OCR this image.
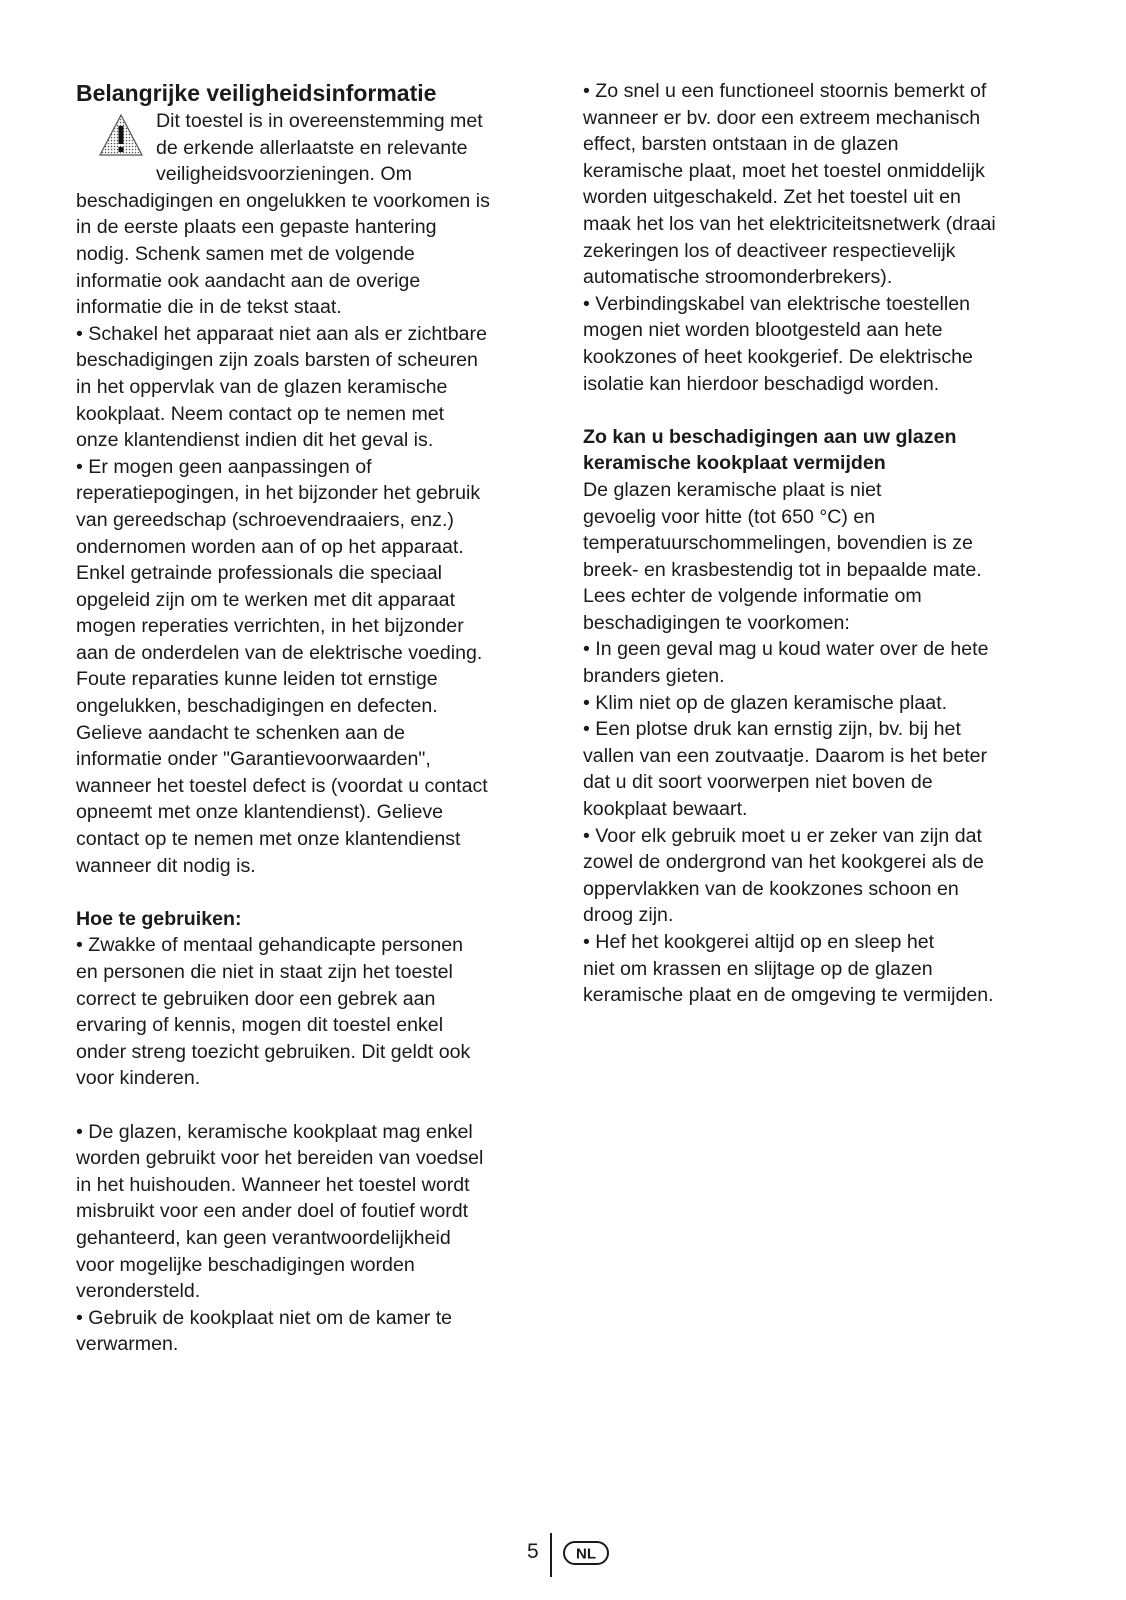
Belangrijke veiligheidsinformatie
Dit toestel is in overeenstemming met
de erkende allerlaatste en relevante
veiligheidsvoorzieningen. Om
beschadigingen en ongelukken te voorkomen is
in de eerste plaats een gepaste hantering
nodig. Schenk samen met de volgende
informatie ook aandacht aan de overige
informatie die in de tekst staat.
• Schakel het apparaat niet aan als er zichtbare
beschadigingen zijn zoals barsten of scheuren
in het oppervlak van de glazen keramische
kookplaat. Neem contact op te nemen met
onze klantendienst indien dit het geval is.
• Er mogen geen aanpassingen of
reperatiepogingen, in het bijzonder het gebruik
van gereedschap (schroevendraaiers, enz.)
ondernomen worden aan of op het apparaat.
Enkel getrainde professionals die speciaal
opgeleid zijn om te werken met dit apparaat
mogen reperaties verrichten, in het bijzonder
aan de onderdelen van de elektrische voeding.
Foute reparaties kunne leiden tot ernstige
ongelukken, beschadigingen en defecten.
Gelieve aandacht te schenken aan de
informatie onder "Garantievoorwaarden",
wanneer het toestel defect is (voordat u contact
opneemt met onze klantendienst). Gelieve
contact op te nemen met onze klantendienst
wanneer dit nodig is.
Hoe te gebruiken:
• Zwakke of mentaal gehandicapte personen
en personen die niet in staat zijn het toestel
correct te gebruiken door een gebrek aan
ervaring of kennis, mogen dit toestel enkel
onder streng toezicht gebruiken. Dit geldt ook
voor kinderen.
• De glazen, keramische kookplaat mag enkel
worden gebruikt voor het bereiden van voedsel
in het huishouden. Wanneer het toestel wordt
misbruikt voor een ander doel of foutief wordt
gehanteerd, kan geen verantwoordelijkheid
voor mogelijke beschadigingen worden
verondersteld.
• Gebruik de kookplaat niet om de kamer te
verwarmen.
• Zo snel u een functioneel stoornis bemerkt of
wanneer er bv. door een extreem mechanisch
effect, barsten ontstaan in de glazen
keramische plaat, moet het toestel onmiddelijk
worden uitgeschakeld. Zet het toestel uit en
maak het los van het elektriciteitsnetwerk (draai
zekeringen los of deactiveer respectievelijk
automatische stroomonderbrekers).
• Verbindingskabel van elektrische toestellen
mogen niet worden blootgesteld aan hete
kookzones of heet kookgerief. De elektrische
isolatie kan hierdoor beschadigd worden.
Zo kan u beschadigingen aan uw glazen
keramische kookplaat vermijden
De glazen keramische plaat is niet
gevoelig voor hitte (tot 650 °C) en
temperatuurschommelingen, bovendien is ze
breek- en krasbestendig tot in bepaalde mate.
Lees echter de volgende informatie om
beschadigingen te voorkomen:
• In geen geval mag u koud water over de hete
branders gieten.
• Klim niet op de glazen keramische plaat.
• Een plotse druk kan ernstig zijn, bv. bij het
vallen van een zoutvaatje. Daarom is het beter
dat u dit soort voorwerpen niet boven de
kookplaat bewaart.
• Voor elk gebruik moet u er zeker van zijn dat
zowel de ondergrond van het kookgerei als de
oppervlakken van de kookzones schoon en
droog zijn.
• Hef het kookgerei altijd op en sleep het
niet om krassen en slijtage op de glazen
keramische plaat en de omgeving te vermijden.
5 NL
